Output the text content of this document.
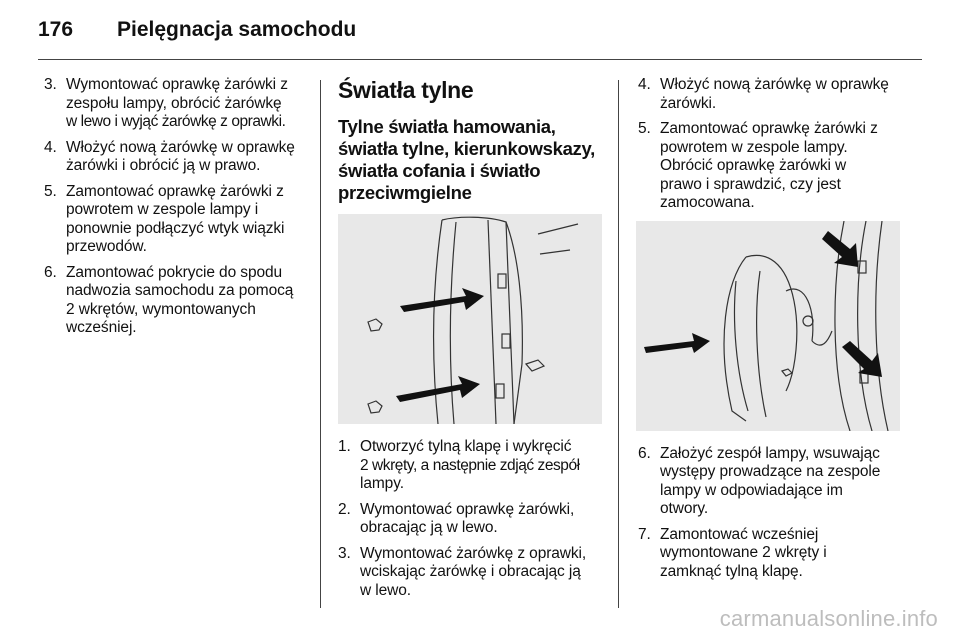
176 Pielęgnacja samochodu
3. Wymontować oprawkę żarówki z
zespołu lampy, obrócić żarówkę
w lewo i wyjąć żarówkę z oprawki.
4. Włożyć nową żarówkę w oprawkę
żarówki i obrócić ją w prawo.
5. Zamontować oprawkę żarówki z
powrotem w zespole lampy i
ponownie podłączyć wtyk wiązki
przewodów.
6. Zamontować pokrycie do spodu
nadwozia samochodu za pomocą
2 wkrętów, wymontowanych
wcześniej.
Światła tylne
Tylne światła hamowania,
światła tylne, kierunkowskazy,
światła cofania i światło
przeciwmgielne
1. Otworzyć tylną klapę i wykręcić
2 wkręty, a następnie zdjąć zespół
lampy.
2. Wymontować oprawkę żarówki,
obracając ją w lewo.
3. Wymontować żarówkę z oprawki,
wciskając żarówkę i obracając ją
w lewo.
4. Włożyć nową żarówkę w oprawkę
żarówki.
5. Zamontować oprawkę żarówki z
powrotem w zespole lampy.
Obrócić oprawkę żarówki w
prawo i sprawdzić, czy jest
zamocowana.
6. Założyć zespół lampy, wsuwając
występy prowadzące na zespole
lampy w odpowiadające im
otwory.
7. Zamontować wcześniej
wymontowane 2 wkręty i
zamknąć tylną klapę.
carmanualsonline.info
